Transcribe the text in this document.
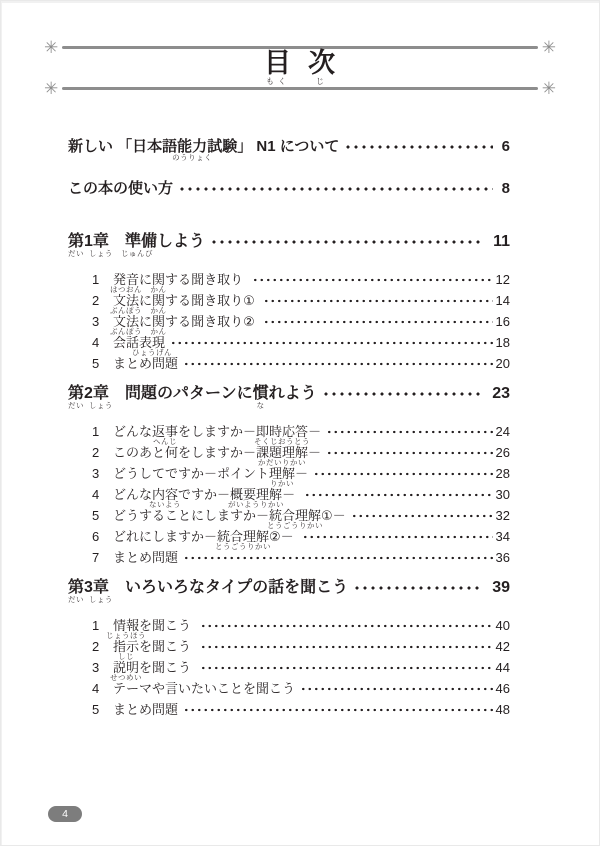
✳	✳
目
もく
次
じ
✳	✳
新しい 「日本語能力
のうりょく
試験」 N1 について	6
この本の使い方	8
第
だい
1章
しょう
　準
じゅん
備
び
しよう	11
1	発音
はつおん
に関
かん
する聞き取り	12
2	文法
ぶんぽう
に関
かん
する聞き取り①	14
3	文法
ぶんぽう
に関
かん
する聞き取り②	16
4	会話表現
ひょうげん
18
5	まとめ問題	20
第
だい
2章
しょう
　問題のパターンに慣
な
れよう	23
1	どんな返事
へんじ
をしますか－即時応答
そくじおうとう
－	24
2	このあと何をしますか－課題理解
かだいりかい
－	26
3	どうしてですか－ポイント理解
りかい
－	28
4	どんな内容
ないよう
ですか－概要理解
がいようりかい
－	30
5	どうすることにしますか－統合理解
とうごうりかい
①－	32
6	どれにしますか－統合理解
とうごうりかい
②－	34
7	まとめ問題	36
第
だい
3章
しょう
　いろいろなタイプの話を聞こう	39
1	情報
じょうほう
を聞こう	40
2	指示
しじ
を聞こう	42
3	説明
せつめい
を聞こう	44
4	テーマや言いたいことを聞こう	46
5	まとめ問題	48
4
